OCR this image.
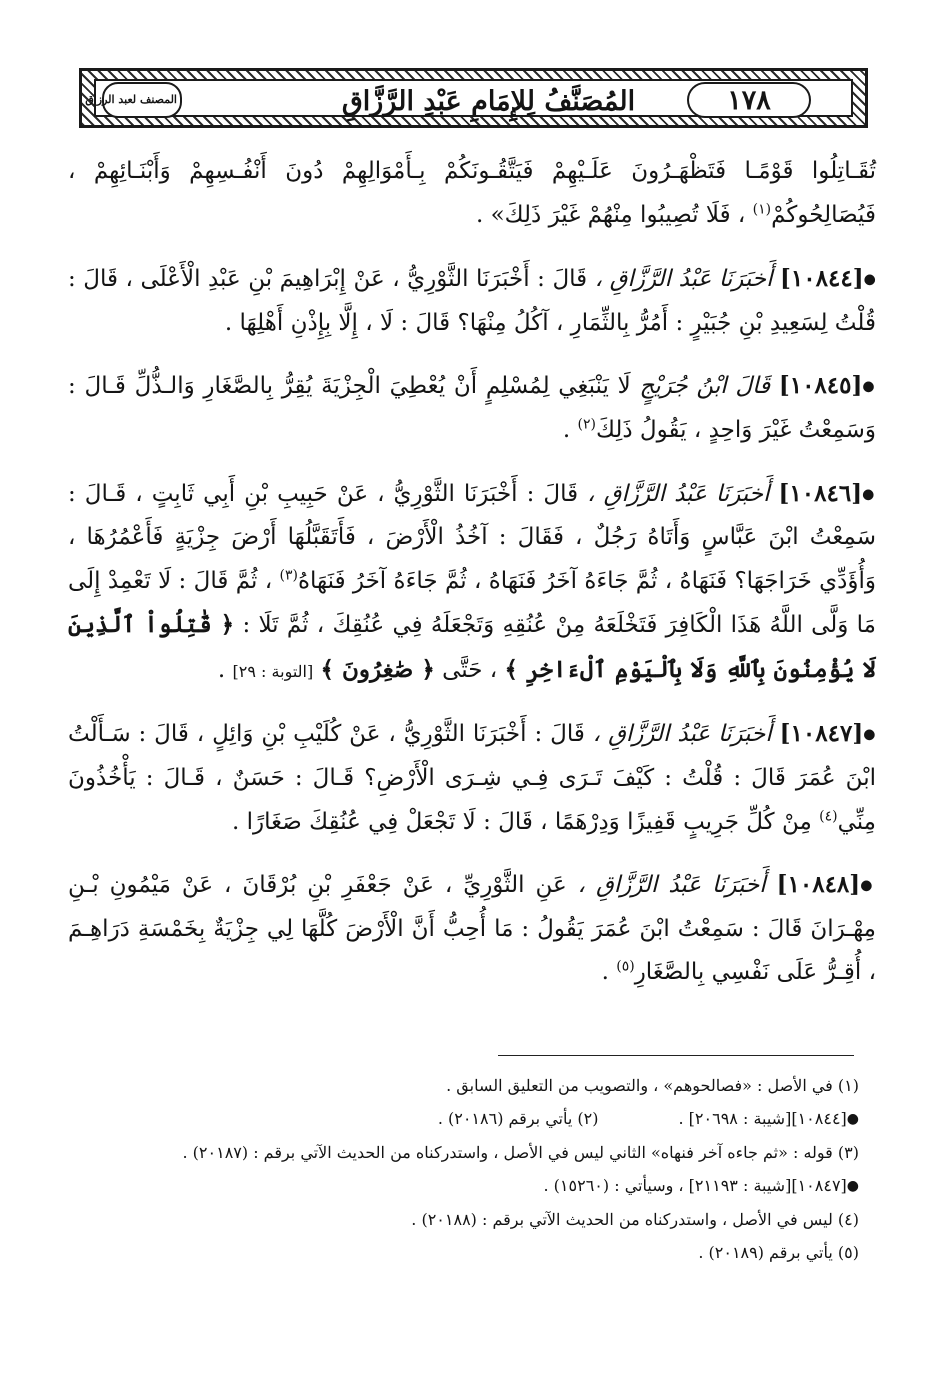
١٧٨
المُصَنَّفُ لِلإِمَامِ عَبْدِ الرَّزَّاقِ
المصنف لعبد الرزاق

تُقَـاتِلُوا قَوْمًـا فَتَظْهَـرُونَ عَلَـيْهِمْ فَيَتَّقُـونَكُمْ بِـأَمْوَالِهِمْ دُونَ أَنْفُـسِهِمْ وَأَبْنَـائِهِمْ ، فَيُصَالِحُوكُمْ$^{(١)}$ ، فَلَا تُصِيبُوا مِنْهُمْ غَيْرَ ذَلِكَ» .

●[١٠٨٤٤] أَخبَرَنَا عَبْدُ الرَّزَّاقِ ، قَالَ : أَخْبَرَنَا الثَّوْرِيُّ ، عَنْ إِبْرَاهِيمَ بْنِ عَبْدِ الْأَعْلَى ، قَالَ : قُلْتُ لِسَعِيدِ بْنِ جُبَيْرٍ : أَمُرُّ بِالثِّمَارِ ، آكُلُ مِنْهَا؟ قَالَ : لَا ، إِلَّا بِإِذْنِ أَهْلِهَا .

●[١٠٨٤٥] قَالَ ابْنُ جُرَيْجٍ لَا يَنْبَغِي لِمُسْلِمٍ أَنْ يُعْطِيَ الْجِزْيَةَ يُقِرُّ بِالصَّغَارِ وَالـذُّلِّ قَـالَ : وَسَمِعْتُ غَيْرَ وَاحِدٍ ، يَقُولُ ذَلِكَ$^{(٢)}$ .

●[١٠٨٤٦] أَخبَرَنَا عَبْدُ الرَّزَّاقِ ، قَالَ : أَخْبَرَنَا الثَّوْرِيُّ ، عَنْ حَبِيبِ بْنِ أَبِي ثَابِتٍ ، قَـالَ : سَمِعْتُ ابْنَ عَبَّاسٍ وَأَتَاهُ رَجُلٌ ، فَقَالَ : آخُذُ الْأَرْضَ ، فَأَتَقَبَّلُهَا أَرْضَ جِزْيَةٍ فَأَعْمُرُهَا ، وَأُؤَدِّي خَرَاجَهَا؟ فَنَهَاهُ ، ثُمَّ جَاءَهُ آخَرُ فَنَهَاهُ ، ثُمَّ جَاءَهُ آخَرُ فَنَهَاهُ$^{(٣)}$ ، ثُمَّ قَالَ : لَا تَعْمِدْ إِلَى مَا وَلَّى اللَّهُ هَذَا الْكَافِرَ فَتَخْلَعَهُ مِنْ عُنُقِهِ وَتَجْعَلَهُ فِي عُنُقِكَ ، ثُمَّ تَلَا : ﴿ قَٰتِلُواْ ٱلَّذِينَ لَا يُؤْمِنُونَ بِٱللَّهِ وَلَا بِٱلْيَوْمِ ٱلْءَاخِرِ ﴾ ، حَتَّى ﴿ صَٰغِرُونَ ﴾ [التوبة : ٢٩] .

●[١٠٨٤٧] أَخبَرَنَا عَبْدُ الرَّزَّاقِ ، قَالَ : أَخْبَرَنَا الثَّوْرِيُّ ، عَنْ كُلَيْبِ بْنِ وَائِلٍ ، قَالَ : سَـأَلْتُ ابْنَ عُمَرَ قَالَ : قُلْتُ : كَيْفَ تَـرَى فِـي شِـرَى الْأَرْضِ؟ قَـالَ : حَسَنٌ ، قَـالَ : يَأْخُذُونَ مِنِّي$^{(٤)}$ مِنْ كُلِّ جَرِيبٍ قَفِيزًا وَدِرْهَمًا ، قَالَ : لَا تَجْعَلْ فِي عُنُقِكَ صَغَارًا .

●[١٠٨٤٨] أَخبَرَنَا عَبْدُ الرَّزَّاقِ ، عَنِ الثَّوْرِيِّ ، عَنْ جَعْفَرِ بْنِ بُرْقَانَ ، عَنْ مَيْمُونِ بْـنِ مِهْـرَانَ قَالَ : سَمِعْتُ ابْنَ عُمَرَ يَقُولُ : مَا أُحِبُّ أَنَّ الْأَرْضَ كُلَّهَا لِي جِزْيَةٌ بِخَمْسَةِ دَرَاهِـمَ ، أُقِـرُّ عَلَى نَفْسِي بِالصَّغَارِ$^{(٥)}$ .

(١) في الأصل : «فصالحوهم» ، والتصويب من التعليق السابق .
●[١٠٨٤٤][شيبة : ٢٠٦٩٨] .(٢) يأتي برقم (٢٠١٨٦) .
(٣) قوله : «ثم جاءه آخر فنهاه» الثاني ليس في الأصل ، واستدركناه من الحديث الآتي برقم : (٢٠١٨٧) .
●[١٠٨٤٧][شيبة : ٢١١٩٣] ، وسيأتي : (١٥٢٦٠) .
(٤) ليس في الأصل ، واستدركناه من الحديث الآتي برقم : (٢٠١٨٨) .
(٥) يأتي برقم (٢٠١٨٩) .
